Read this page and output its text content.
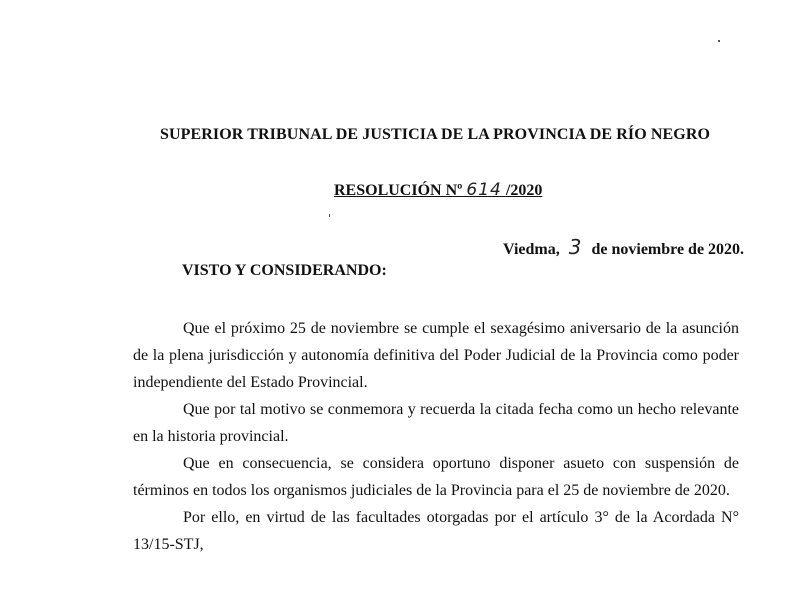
SUPERIOR TRIBUNAL DE JUSTICIA DE LA PROVINCIA DE RÍO NEGRO
RESOLUCIÓN Nº 614 /2020
Viedma, 3 de noviembre de 2020.
VISTO Y CONSIDERANDO:

Que el próximo 25 de noviembre se cumple el sexagésimo aniversario de la asunción de la plena jurisdicción y autonomía definitiva del Poder Judicial de la Provincia como poder independiente del Estado Provincial.

Que por tal motivo se conmemora y recuerda la citada fecha como un hecho relevante en la historia provincial.

Que en consecuencia, se considera oportuno disponer asueto con suspensión de términos en todos los organismos judiciales de la Provincia para el 25 de noviembre de 2020.

Por ello, en virtud de las facultades otorgadas por el artículo 3° de la Acordada N° 13/15-STJ,
